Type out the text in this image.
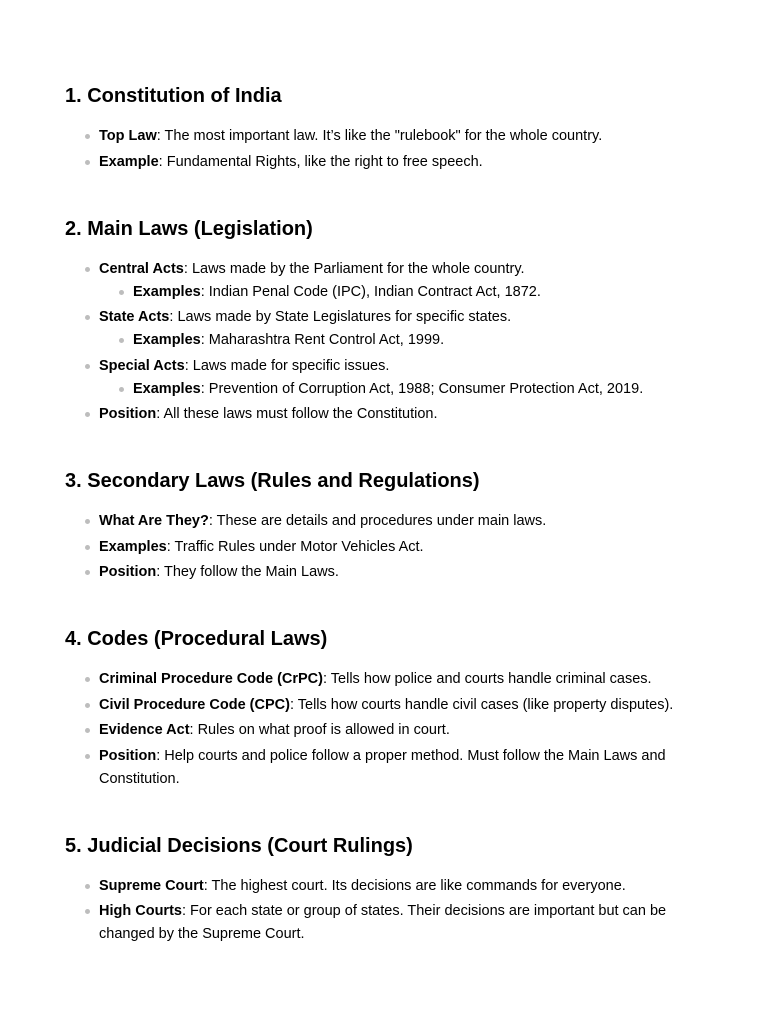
1. Constitution of India
Top Law: The most important law. It’s like the "rulebook" for the whole country.
Example: Fundamental Rights, like the right to free speech.
2. Main Laws (Legislation)
Central Acts: Laws made by the Parliament for the whole country.
Examples: Indian Penal Code (IPC), Indian Contract Act, 1872.
State Acts: Laws made by State Legislatures for specific states.
Examples: Maharashtra Rent Control Act, 1999.
Special Acts: Laws made for specific issues.
Examples: Prevention of Corruption Act, 1988; Consumer Protection Act, 2019.
Position: All these laws must follow the Constitution.
3. Secondary Laws (Rules and Regulations)
What Are They?: These are details and procedures under main laws.
Examples: Traffic Rules under Motor Vehicles Act.
Position: They follow the Main Laws.
4. Codes (Procedural Laws)
Criminal Procedure Code (CrPC): Tells how police and courts handle criminal cases.
Civil Procedure Code (CPC): Tells how courts handle civil cases (like property disputes).
Evidence Act: Rules on what proof is allowed in court.
Position: Help courts and police follow a proper method. Must follow the Main Laws and Constitution.
5. Judicial Decisions (Court Rulings)
Supreme Court: The highest court. Its decisions are like commands for everyone.
High Courts: For each state or group of states. Their decisions are important but can be changed by the Supreme Court.
